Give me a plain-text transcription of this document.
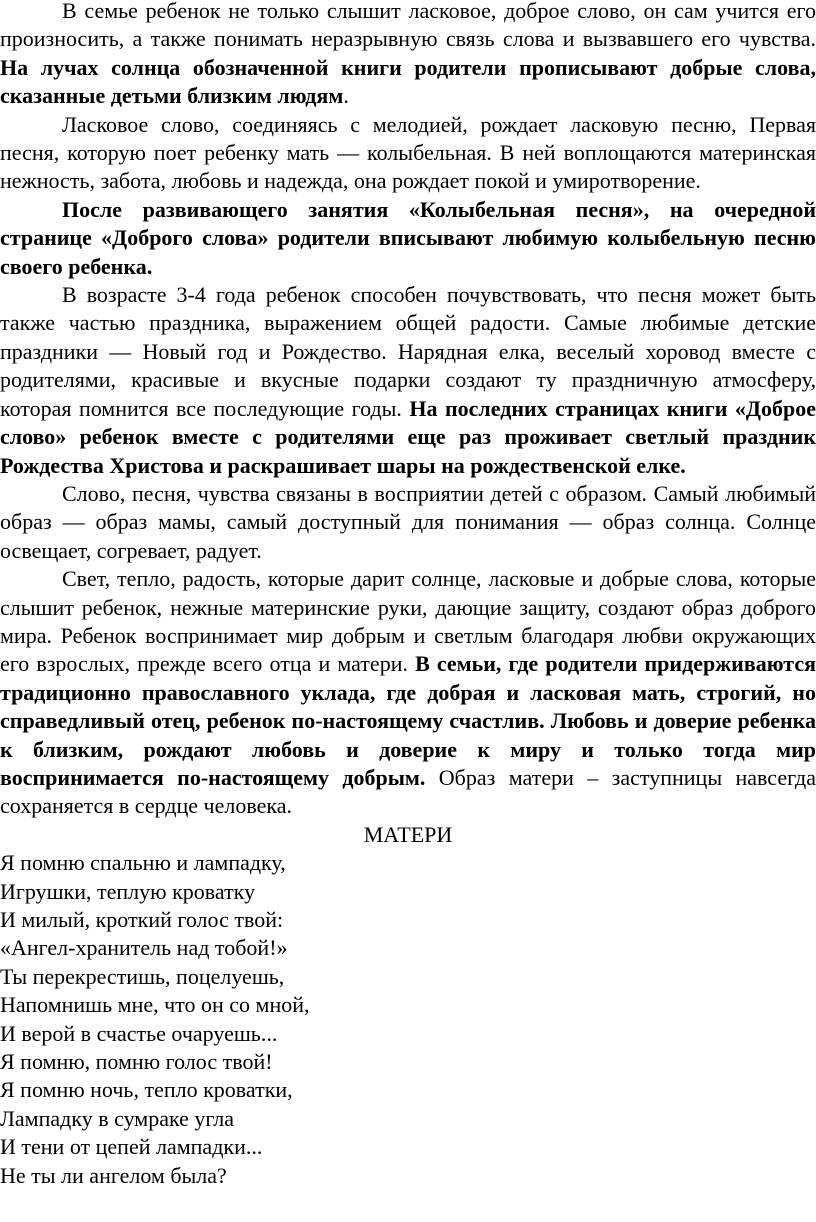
В семье ребенок не только слышит ласковое, доброе слово, он сам учится его произносить, а также понимать неразрывную связь слова и вызвавшего его чувства. На лучах солнца обозначенной книги родители прописывают добрые слова, сказанные детьми близким людям.

Ласковое слово, соединяясь с мелодией, рождает ласковую песню, Первая песня, которую поет ребенку мать — колыбельная. В ней воплощаются материнская нежность, забота, любовь и надежда, она рождает покой и умиротворение.

После развивающего занятия «Колыбельная песня», на очередной странице «Доброго слова» родители вписывают любимую колыбельную песню своего ребенка.

В возрасте 3-4 года ребенок способен почувствовать, что песня может быть также частью праздника, выражением общей радости. Самые любимые детские праздники — Новый год и Рождество. Нарядная елка, веселый хоровод вместе с родителями, красивые и вкусные подарки создают ту праздничную атмосферу, которая помнится все последующие годы. На последних страницах книги «Доброе слово» ребенок вместе с родителями еще раз проживает светлый праздник Рождества Христова и раскрашивает шары на рождественской елке.

Слово, песня, чувства связаны в восприятии детей с образом. Самый любимый образ — образ мамы, самый доступный для понимания — образ солнца. Солнце освещает, согревает, радует.

Свет, тепло, радость, которые дарит солнце, ласковые и добрые слова, которые слышит ребенок, нежные материнские руки, дающие защиту, создают образ доброго мира. Ребенок воспринимает мир добрым и светлым благодаря любви окружающих его взрослых, прежде всего отца и матери. В семьи, где родители придерживаются традиционно православного уклада, где добрая и ласковая мать, строгий, но справедливый отец, ребенок по-настоящему счастлив. Любовь и доверие ребенка к близким, рождают любовь и доверие к миру и только тогда мир воспринимается по-настоящему добрым. Образ матери – заступницы навсегда сохраняется в сердце человека.

МАТЕРИ

Я помню спальню и лампадку,
Игрушки, теплую кроватку
И милый, кроткий голос твой:
«Ангел-хранитель над тобой!»
Ты перекрестишь, поцелуешь,
Напомнишь мне, что он со мной,
И верой в счастье очаруешь...
Я помню, помню голос твой!
Я помню ночь, тепло кроватки,
Лампадку в сумраке угла
И тени от цепей лампадки...
Не ты ли ангелом была?
